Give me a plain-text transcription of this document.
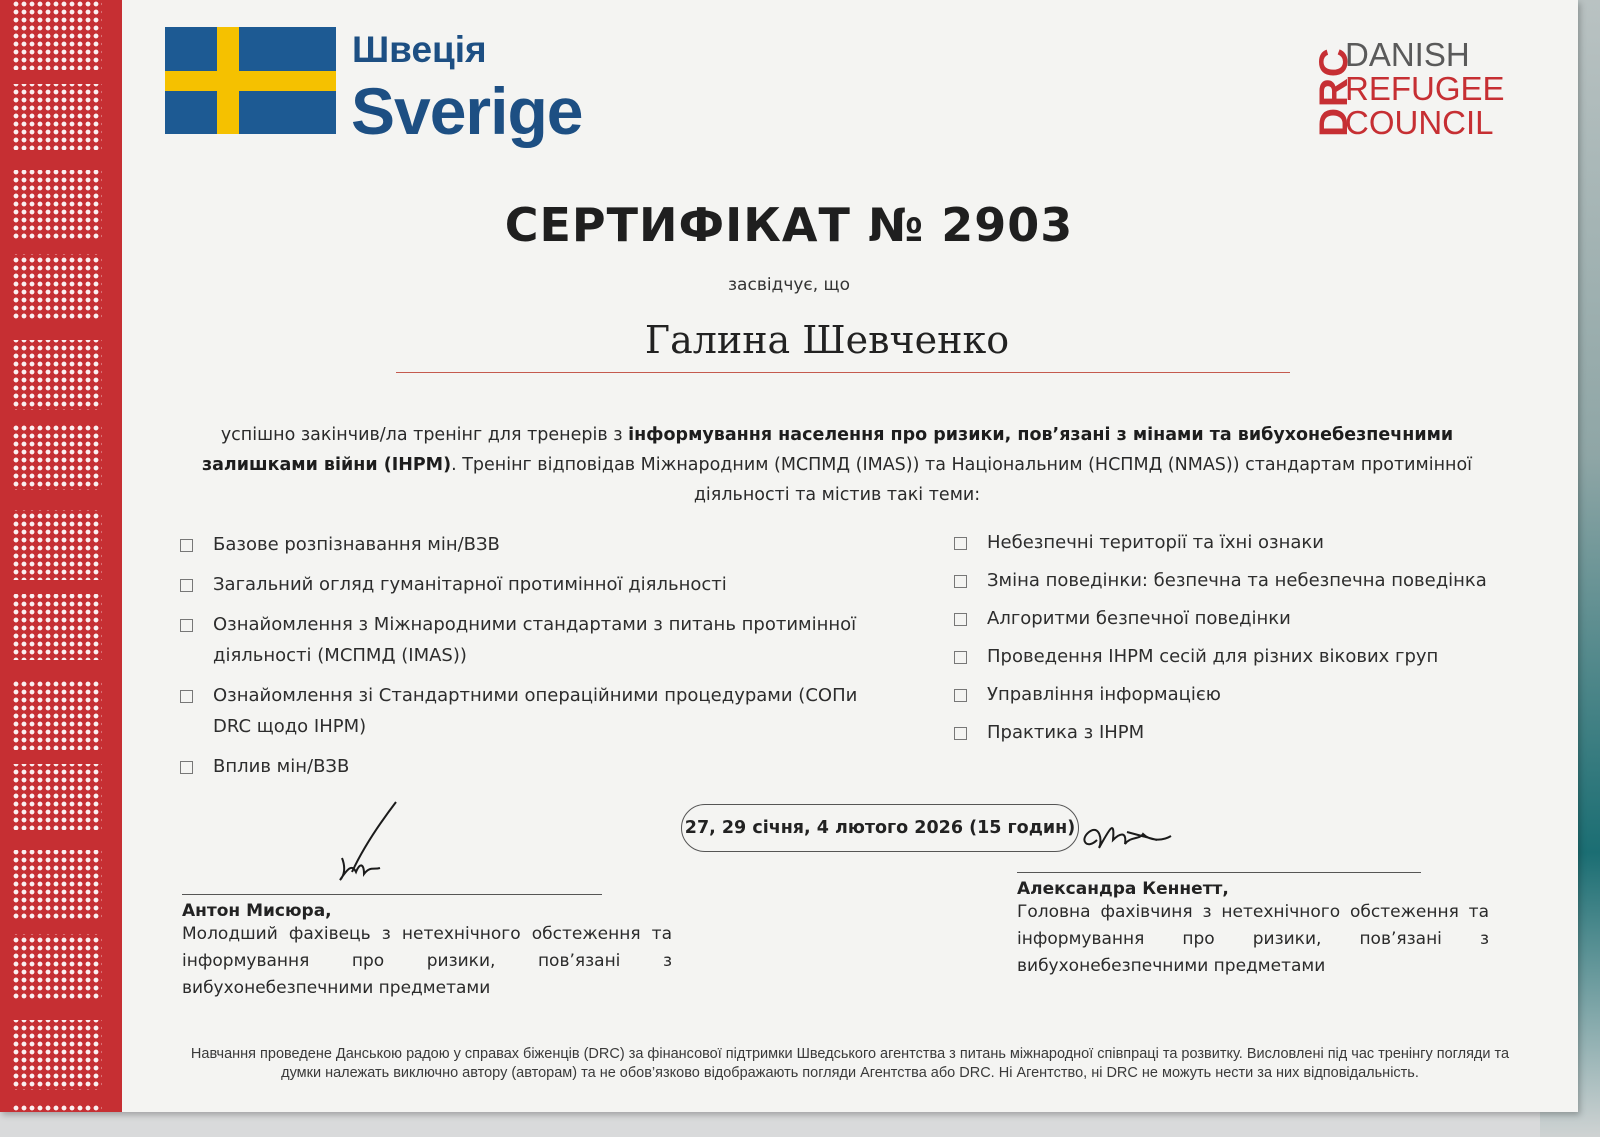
Швеція
Sverige	DRC
DANISH
REFUGEE
COUNCIL
СЕРТИФІКАТ № 2903
засвідчує, що
Галина Шевченко
успішно закінчив/ла тренінг для тренерів з інформування населення про ризики, пов’язані з мінами та вибухонебезпечними залишками війни (ІНРМ). Тренінг відповідав Міжнародним (МСПМД (IMAS)) та Національним (НСПМД (NMAS)) стандартам протимінної діяльності та містив такі теми:
Базове розпізнавання мін/ВЗВ
Загальний огляд гуманітарної протимінної діяльності
Ознайомлення з Міжнародними стандартами з питань протимінної діяльності (МСПМД (IMAS))
Ознайомлення зі Стандартними операційними процедурами (СОПи DRC щодо ІНРМ)
Вплив мін/ВЗВ
Небезпечні території та їхні ознаки
Зміна поведінки: безпечна та небезпечна поведінка
Алгоритми безпечної поведінки
Проведення ІНРМ сесій для різних вікових груп
Управління інформацією
Практика з ІНРМ
27, 29 січня, 4 лютого 2026 (15 годин)
Антон Мисюра,
Молодший фахівець з нетехнічного обстеження та інформування про ризики, пов’язані з вибухонебезпечними предметами
Александра Кеннетт,
Головна фахівчиня з нетехнічного обстеження та інформування про ризики, пов’язані з вибухонебезпечними предметами
Навчання проведене Данською радою у справах біженців (DRC) за фінансової підтримки Шведського агентства з питань міжнародної співпраці та розвитку. Висловлені під час тренінгу погляди та думки належать виключно автору (авторам) та не обов’язково відображають погляди Агентства або DRC. Ні Агентство, ні DRC не можуть нести за них відповідальність.
